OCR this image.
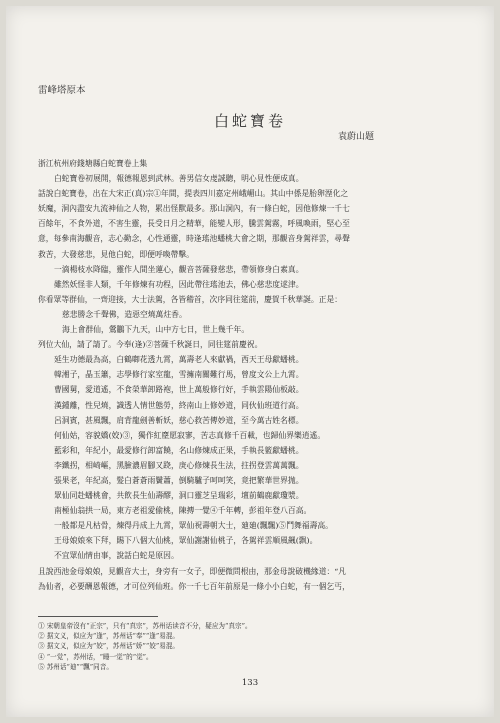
雷峰塔原本
白蛇寶卷
袁蔚山题
浙江杭州府錢塘縣白蛇寶卷上集
白蛇寶卷初展開，報德報恩到武林。善男信女虔誠聽，明心見性便成真。
話說白蛇寶卷，出在大宋正(真)宗①年間，提表四川嘉定州峨嵋山。其山中係是胎卵溼化之
妖魔，洞內盡安九流神仙之人物，累出怪獸最多。那山洞內，有一條白蛇，因他修煉一千七
百餘年，不食外道，不害生靈，長受日月之精華，能變人形，騰雲駕霧，呼風喚雨，堅心至
意，每參南海觀音，志心勤念，心性通靈，時逢瑤池蟠桃大會之期，那觀音身駕祥雲，尋聲
救苦，大發慈悲，見他白蛇，即便呼喚帶擊。
一滴楊枝水降臨，靈作人間坐蓮心，觀音菩薩發慈悲，帶領修身白素真。
雖然妖怪非人類，千年修煉有功程，因此帶往瑤池去，佛心慈悲度逑津。
你看眾等群仙，一齊迎接，大士法駕，各皆稽首，次序同往筵前，慶賀千秋華誕。正是：
慈悲勝念千聲佛，造惡空燒萬炷香。
海上會群仙，鶯鸝下九天，山中方七日，世上幾千年。
列位大仙，請了請了。今奉(逢)②菩薩千秋誕日，同往筵前慶祝。
延生功德最為高，白鶴啣花透九霄，萬壽老人來獻禍，西天王母獻蟠桃。
韓湘子，晶玉簫，志學修行家室龍，雪擁南關難行馬，曾度文公上九霄。
曹國舅，愛道遙，不食榮華卸路袍，世上萬般修行好，手執雲陽仙板敲。
漢鍾離，性兒燒，識透人情世態勞，終南山上修妙道，同伙仙班道行高。
呂洞賓，甚風飄，肩背龍劍善斬妖，慈心救苦傳妙道，至今萬古姓名標。
何仙姑，容貌嬌(姣)③，獨作紅塵愿寂寥，苦志真修千百載，也歸仙界樂逍遙。
藍彩和，年紀小，最愛修行卸富饒，名山修煉成正果，手執長籃獻蟠桃。
李鐵拐，相崎嶇，黑臉濃眉腳又跷，庚心修煉長生法，拄拐登雲萬萬飄。
張果老，年紀高，髮白蒼蒼雨鬢蕭，倒騎驢子呵呵笑，竟把繁華世界抛。
眾仙同赴蟠桃會，共飲長生仙壽醪，洞口靈芝呈瑞彩，壇前鶴鹿獻瓊漿。
南極仙翁拱一局，東方老祖愛偷桃，陳摶一覺④千年轉，彭祖年登八百高。
一般都是凡枯骨，煉得丹成上九霄，眾仙祝壽朝大士，廸廸(飄飄)⑤鬥舞福壽高。
王母娘娘來下拜，賜下八個大仙桃，眾仙謝謝仙桃子，各駕祥雲順風飆(飘)。
不宜眾仙情由事，說話白蛇是原因。
且說西池金母娘娘，見觀音大士，身旁有一女子，即便微問根由，那金母說破機緣道：“凡
為仙者，必要酬恩報德，才可位列仙班。你一千七百年前原是一條小小白蛇，有一個乞丐，
① 宋朝皇帝沒有“正宗”，只有“真宗”，苏州话读音不分，疑应为“真宗”。
② 据文义，似应为“逢”，苏州话“奉”“逢”易混。
③ 据文义，似应为“姣”，苏州话“娇”“姣”易混。
④ “一觉”，苏州话，“睡一觉”的“觉”。
⑤ 苏州话“廸”“飄”同音。
133
